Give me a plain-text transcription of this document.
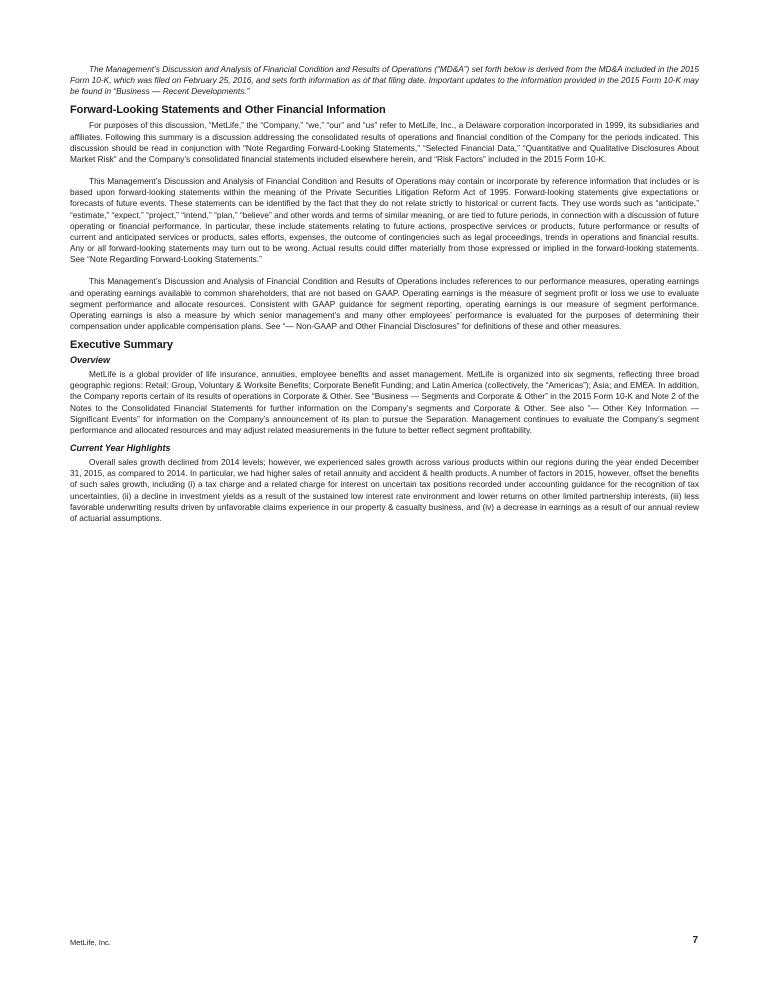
The Management’s Discussion and Analysis of Financial Condition and Results of Operations (“MD&A”) set forth below is derived from the MD&A included in the 2015 Form 10-K, which was filed on February 25, 2016, and sets forth information as of that filing date. Important updates to the information provided in the 2015 Form 10-K may be found in “Business — Recent Developments.”

Forward-Looking Statements and Other Financial Information

For purposes of this discussion, “MetLife,” the “Company,” “we,” “our” and “us” refer to MetLife, Inc., a Delaware corporation incorporated in 1999, its subsidiaries and affiliates. Following this summary is a discussion addressing the consolidated results of operations and financial condition of the Company for the periods indicated. This discussion should be read in conjunction with “Note Regarding Forward-Looking Statements,” “Selected Financial Data,” “Quantitative and Qualitative Disclosures About Market Risk” and the Company’s consolidated financial statements included elsewhere herein, and “Risk Factors” included in the 2015 Form 10-K.

This Management’s Discussion and Analysis of Financial Condition and Results of Operations may contain or incorporate by reference information that includes or is based upon forward-looking statements within the meaning of the Private Securities Litigation Reform Act of 1995. Forward-looking statements give expectations or forecasts of future events. These statements can be identified by the fact that they do not relate strictly to historical or current facts. They use words such as “anticipate,” “estimate,” “expect,” “project,” “intend,” “plan,” “believe” and other words and terms of similar meaning, or are tied to future periods, in connection with a discussion of future operating or financial performance. In particular, these include statements relating to future actions, prospective services or products, future performance or results of current and anticipated services or products, sales efforts, expenses, the outcome of contingencies such as legal proceedings, trends in operations and financial results. Any or all forward-looking statements may turn out to be wrong. Actual results could differ materially from those expressed or implied in the forward-looking statements. See “Note Regarding Forward-Looking Statements.”

This Management’s Discussion and Analysis of Financial Condition and Results of Operations includes references to our performance measures, operating earnings and operating earnings available to common shareholders, that are not based on GAAP. Operating earnings is the measure of segment profit or loss we use to evaluate segment performance and allocate resources. Consistent with GAAP guidance for segment reporting, operating earnings is our measure of segment performance. Operating earnings is also a measure by which senior management’s and many other employees’ performance is evaluated for the purposes of determining their compensation under applicable compensation plans. See “— Non-GAAP and Other Financial Disclosures” for definitions of these and other measures.

Executive Summary
Overview

MetLife is a global provider of life insurance, annuities, employee benefits and asset management. MetLife is organized into six segments, reflecting three broad geographic regions: Retail; Group, Voluntary & Worksite Benefits; Corporate Benefit Funding; and Latin America (collectively, the “Americas”); Asia; and EMEA. In addition, the Company reports certain of its results of operations in Corporate & Other. See “Business — Segments and Corporate & Other” in the 2015 Form 10-K and Note 2 of the Notes to the Consolidated Financial Statements for further information on the Company’s segments and Corporate & Other. See also “— Other Key Information — Significant Events” for information on the Company’s announcement of its plan to pursue the Separation. Management continues to evaluate the Company’s segment performance and allocated resources and may adjust related measurements in the future to better reflect segment profitability.

Current Year Highlights

Overall sales growth declined from 2014 levels; however, we experienced sales growth across various products within our regions during the year ended December 31, 2015, as compared to 2014. In particular, we had higher sales of retail annuity and accident & health products. A number of factors in 2015, however, offset the benefits of such sales growth, including (i) a tax charge and a related charge for interest on uncertain tax positions recorded under accounting guidance for the recognition of tax uncertainties, (ii) a decline in investment yields as a result of the sustained low interest rate environment and lower returns on other limited partnership interests, (iii) less favorable underwriting results driven by unfavorable claims experience in our property & casualty business, and (iv) a decrease in earnings as a result of our annual review of actuarial assumptions.

MetLife, Inc.	7
